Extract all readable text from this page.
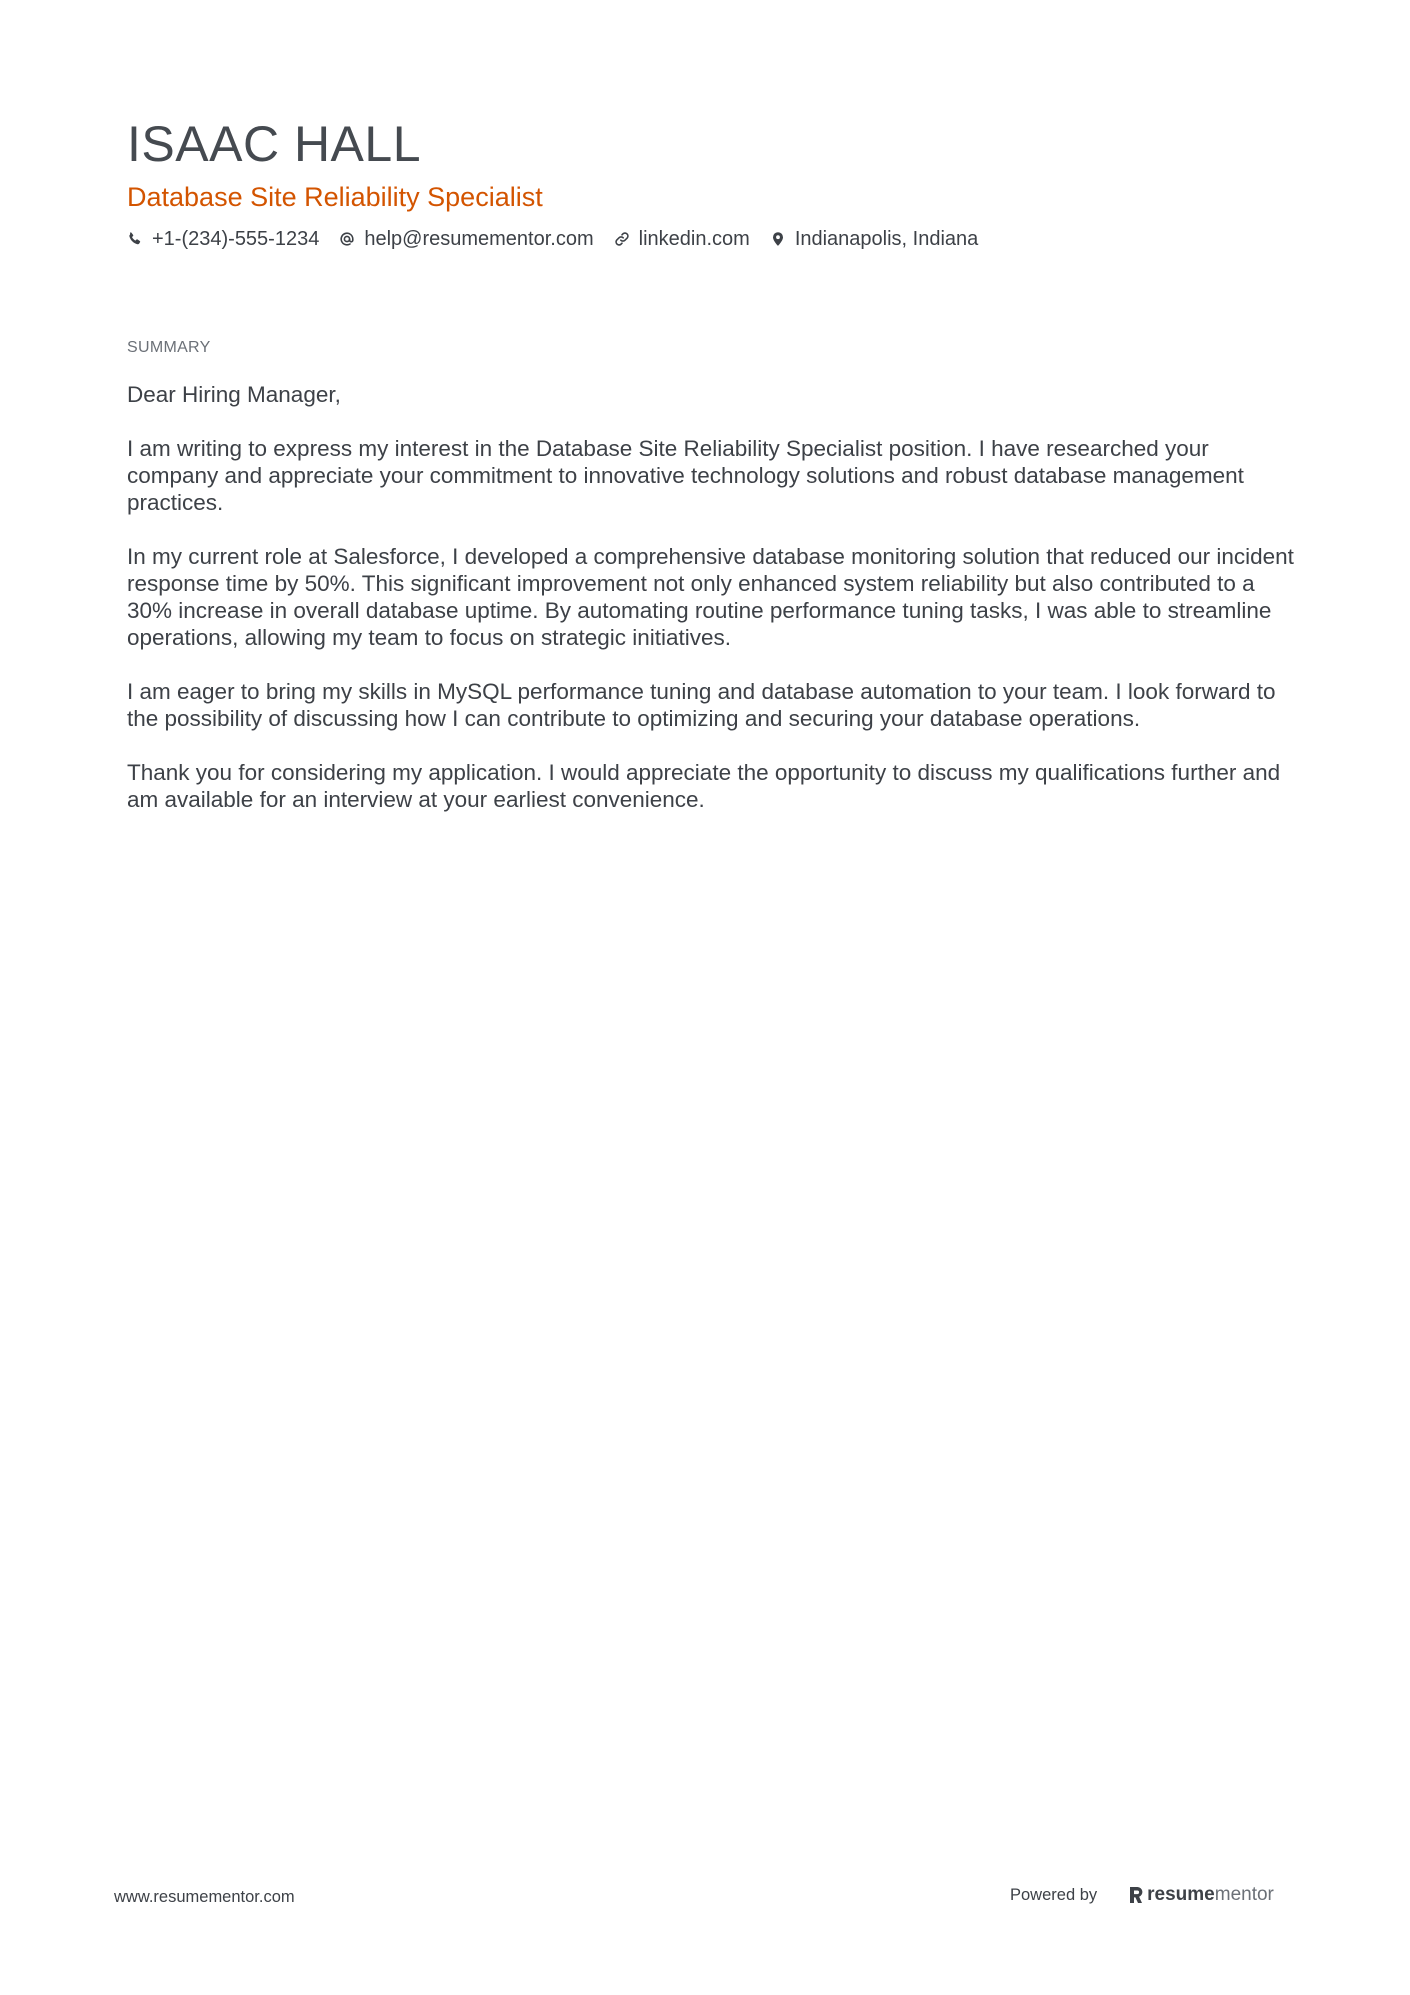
ISAAC HALL
Database Site Reliability Specialist
+1-(234)-555-1234 help@resumementor.com linkedin.com Indianapolis, Indiana
SUMMARY

Dear Hiring Manager,

I am writing to express my interest in the Database Site Reliability Specialist position. I have researched your company and appreciate your commitment to innovative technology solutions and robust database management practices.

In my current role at Salesforce, I developed a comprehensive database monitoring solution that reduced our incident response time by 50%. This significant improvement not only enhanced system reliability but also contributed to a 30% increase in overall database uptime. By automating routine performance tuning tasks, I was able to streamline operations, allowing my team to focus on strategic initiatives.

I am eager to bring my skills in MySQL performance tuning and database automation to your team. I look forward to the possibility of discussing how I can contribute to optimizing and securing your database operations.

Thank you for considering my application. I would appreciate the opportunity to discuss my qualifications further and am available for an interview at your earliest convenience.

www.resumementor.com	Powered by	resume mentor
